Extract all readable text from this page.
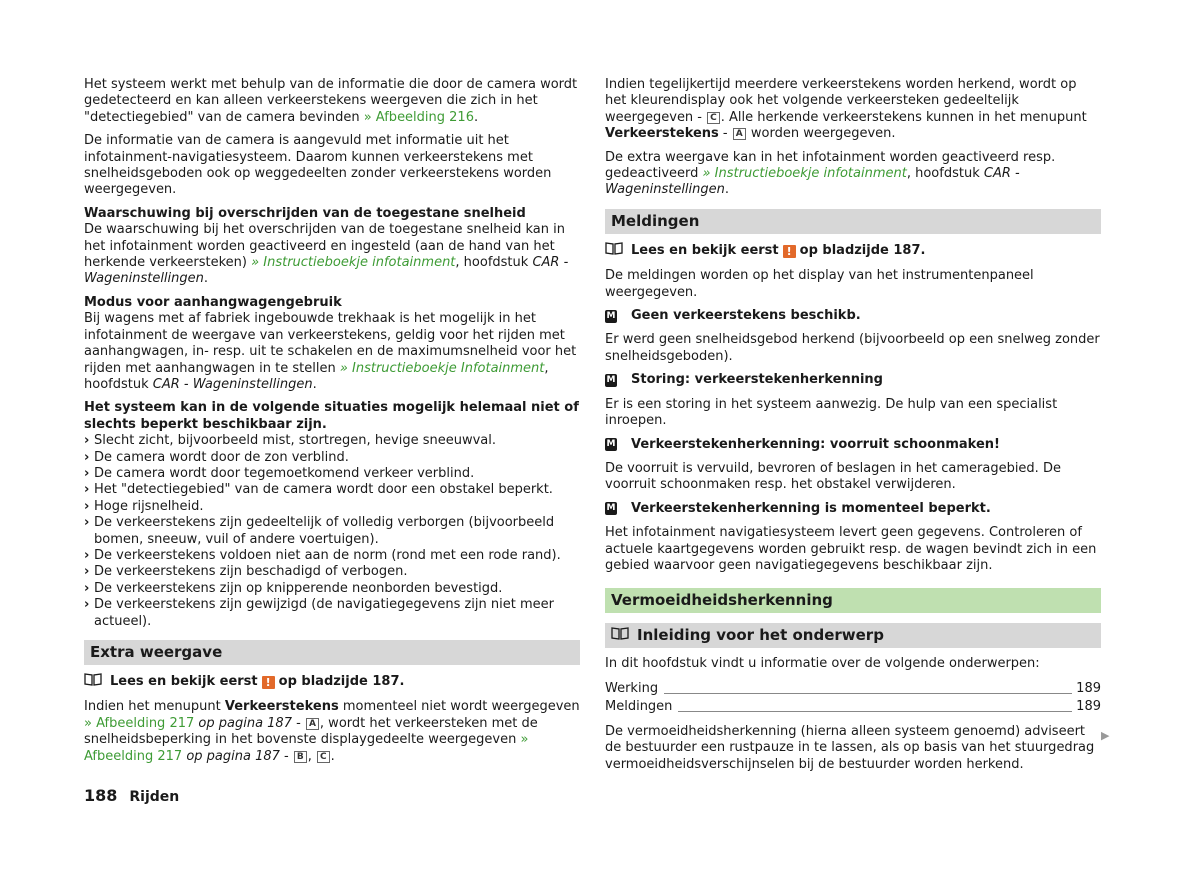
Het systeem werkt met behulp van de informatie die door de camera wordt gedetecteerd en kan alleen verkeerstekens weergeven die zich in het "detectiegebied" van de camera bevinden » Afbeelding 216.

De informatie van de camera is aangevuld met informatie uit het infotainment-navigatiesysteem. Daarom kunnen verkeerstekens met snelheidsgeboden ook op weggedeelten zonder verkeerstekens worden weergegeven.

Waarschuwing bij overschrijden van de toegestane snelheid

De waarschuwing bij het overschrijden van de toegestane snelheid kan in het infotainment worden geactiveerd en ingesteld (aan de hand van het herkende verkeersteken) » Instructieboekje infotainment, hoofdstuk CAR - Wageninstellingen.

Modus voor aanhangwagengebruik

Bij wagens met af fabriek ingebouwde trekhaak is het mogelijk in het infotainment de weergave van verkeerstekens, geldig voor het rijden met aanhangwagen, in- resp. uit te schakelen en de maximumsnelheid voor het rijden met aanhangwagen in te stellen » Instructieboekje Infotainment, hoofdstuk CAR - Wageninstellingen.

Het systeem kan in de volgende situaties mogelijk helemaal niet of slechts beperkt beschikbaar zijn.

› Slecht zicht, bijvoorbeeld mist, stortregen, hevige sneeuwval.
› De camera wordt door de zon verblind.
› De camera wordt door tegemoetkomend verkeer verblind.
› Het "detectiegebied" van de camera wordt door een obstakel beperkt.
› Hoge rijsnelheid.
› De verkeerstekens zijn gedeeltelijk of volledig verborgen (bijvoorbeeld bomen, sneeuw, vuil of andere voertuigen).
› De verkeerstekens voldoen niet aan de norm (rond met een rode rand).
› De verkeerstekens zijn beschadigd of verbogen.
› De verkeerstekens zijn op knipperende neonborden bevestigd.
› De verkeerstekens zijn gewijzigd (de navigatiegegevens zijn niet meer actueel).
Extra weergave
Lees en bekijk eerst ! op bladzijde 187.

Indien het menupunt Verkeerstekens momenteel niet wordt weergegeven » Afbeelding 217 op pagina 187 - A , wordt het verkeersteken met de snelheidsbeperking in het bovenste displaygedeelte weergegeven » Afbeelding 217 op pagina 187 - B , C .

Indien tegelijkertijd meerdere verkeerstekens worden herkend, wordt op het kleurendisplay ook het volgende verkeersteken gedeeltelijk weergegeven - C . Alle herkende verkeerstekens kunnen in het menupunt Verkeerstekens - A worden weergegeven.

De extra weergave kan in het infotainment worden geactiveerd resp. gedeactiveerd » Instructieboekje infotainment, hoofdstuk CAR - Wageninstellingen.

Meldingen
Lees en bekijk eerst ! op bladzijde 187.

De meldingen worden op het display van het instrumentenpaneel weergegeven.

M Geen verkeerstekens beschikb.

Er werd geen snelheidsgebod herkend (bijvoorbeeld op een snelweg zonder snelheidsgeboden).

M Storing: verkeerstekenherkenning

Er is een storing in het systeem aanwezig. De hulp van een specialist inroepen.

M Verkeerstekenherkenning: voorruit schoonmaken!

De voorruit is vervuild, bevroren of beslagen in het cameragebied. De voorruit schoonmaken resp. het obstakel verwijderen.

M Verkeerstekenherkenning is momenteel beperkt.

Het infotainment navigatiesysteem levert geen gegevens. Controleren of actuele kaartgegevens worden gebruikt resp. de wagen bevindt zich in een gebied waarvoor geen navigatiegegevens beschikbaar zijn.

Vermoeidheidsherkenning
Inleiding voor het onderwerp

In dit hoofdstuk vindt u informatie over de volgende onderwerpen:

Werking	189
Meldingen	189

De vermoeidheidsherkenning (hierna alleen systeem genoemd) adviseert de bestuurder een rustpauze in te lassen, als op basis van het stuurgedrag vermoeidheidsverschijnselen bij de bestuurder worden herkend.

▶
188 Rijden
